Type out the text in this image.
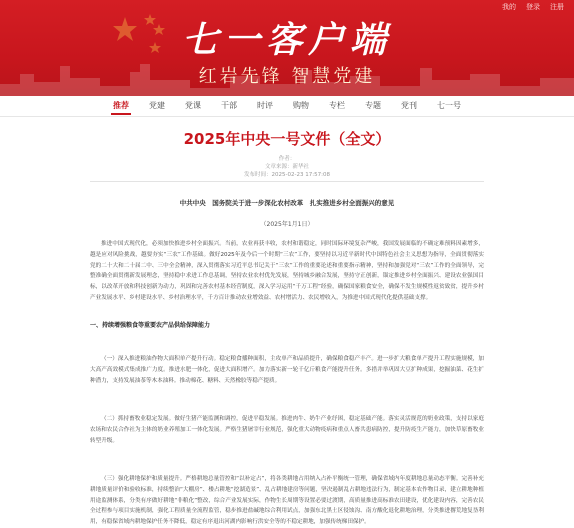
我的 登录 注册
七一客户端
红岩先锋 智慧党建
推荐	党建	党课	干部	时评	购物	专栏	专题	党刊	七一号
2025年中央一号文件（全文）
作者：
文章来源：新华社
发布时间：2025-02-23 17:57:08
中共中央　国务院关于进一步深化农村改革　扎实推进乡村全面振兴的意见
（2025年1月1日）

推进中国式现代化，必须加快推进乡村全面振兴。当前，农业再获丰收，农村和谐稳定，同时国际环境复杂严峻，我国发展面临的不确定难预料因素增多，越是应对风险挑战，越要夯实“三农”工作基础。做好2025年及今后一个时期“三农”工作，要坚持以习近平新时代中国特色社会主义思想为指导，全面贯彻落实党的二十大和二十届二中、三中全会精神，深入贯彻落实习近平总书记关于“三农”工作的重要论述和重要指示精神，坚持和加强党对“三农”工作的全面领导，完整准确全面贯彻新发展理念，坚持稳中求进工作总基调，坚持农业农村优先发展，坚持城乡融合发展，坚持守正创新，锚定推进乡村全面振兴、建设农业强国目标，以改革开放和科技创新为动力，巩固和完善农村基本经营制度，深入学习运用“千万工程”经验，确保国家粮食安全，确保不发生规模性返贫致贫，提升乡村产业发展水平、乡村建设水平、乡村治理水平，千方百计推动农业增效益、农村增活力、农民增收入，为推进中国式现代化提供基础支撑。

一、持续增强粮食等重要农产品供给保障能力

（一）深入推进粮油作物大面积单产提升行动。稳定粮食播种面积，主攻单产和品质提升，确保粮食稳产丰产。进一步扩大粮食单产提升工程实施规模，加大高产高效模式集成推广力度。推进水肥一体化，促进大面积增产。加力落实新一轮千亿斤粮食产能提升任务。多措并举巩固大豆扩种成果，挖掘油菜、花生扩种潜力，支持发展油茶等木本油料。推动棉花、糖料、天然橡胶等稳产提质。

（二）抓持畜牧业稳定发展。做好生猪产能监测和调控，促进平稳发展。推进肉牛、奶牛产业纾困，稳定基础产能。落实灵活规范的奶业政策，支持以家庭农场和农民合作社为主体的奶业养殖加工一体化发展。严格生猪屠宰行业规范，强化重大动物疫病和重点人畜共患病防控，提升防疫生产能力，加快草原畜牧业转型升级。

（三）强化耕地保护和质量提升。严格耕地总量管控和“以补定占”，将各类耕地占用纳入占补平衡统一管理，确保省域内年度耕地总量动态平衡。完善补充耕地质量评价和验收标准，持续整治“大棚房”、楼占耕地“挖湖造景”、乱占耕地建房等问题，坚决遏制乱占耕地违法行为，制定基本农作物目录，建立耕地种植用途监测体系，分类有序做好耕地“非粮化”整改，综合产业发展实际，作物生长周期等设置必要过渡期，高质量推进高标准农田建设，优化建设内容，完善农民全过程参与项目实施机制，强化工程质量全流程监管，稳步推进盐碱地综合利用试点，加强东北黑土区侵蚀沟、南方酸化退化耕地治理，分类推进撂荒地复垦利用，有稳保省域内耕地保护任务不降低，稳定有序退出河湖内影响行洪安全等的不稳定耕地，加强传统梯田保护。
